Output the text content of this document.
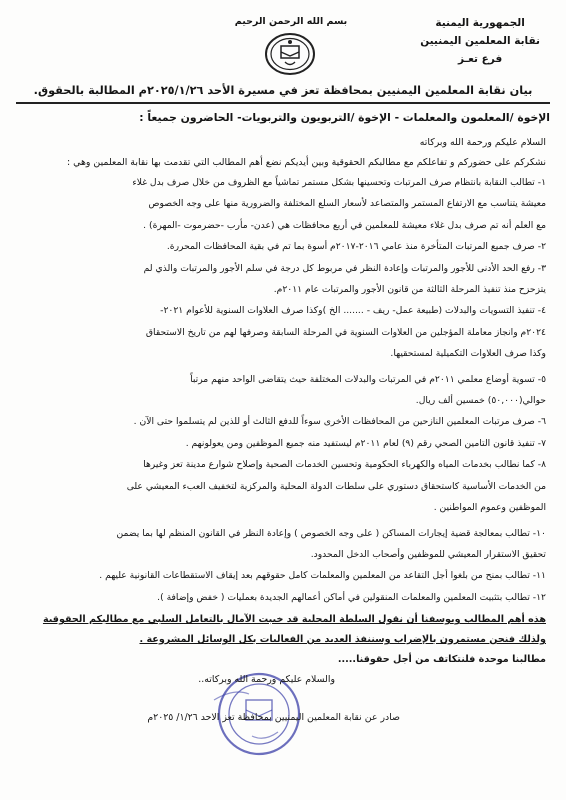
الجمهورية اليمنية
نقابة المعلمين اليمنيين
فرع تعـز
بسم الله الرحمن الرحيم
بيان نقابة المعلمين اليمنيين بمحافظة تعز في مسيرة الأحد ٢٠٢٥/١/٢٦م المطالبة بالحقوق.
الإخوة /المعلمون والمعلمات - الإخوة /التربويون والتربويات- الحاضرون جميعاً :
السلام عليكم ورحمة الله وبركاته
نشكركم على حضوركم و تفاعلكم مع مطالبكم الحقوقية وبين أيديكم نضع أهم المطالب التي تقدمت بها نقابة المعلمين وهي :

١- تطالب النقابة بانتظام صرف المرتبات وتحسينها بشكل مستمر تماشياً مع الظروف من خلال صرف بدل غلاء

معيشة يتناسب مع الارتفاع المستمر والمتصاعد لأسعار السلع المختلفة والضرورية منها على وجه الخصوص

مع العلم أنه تم صرف بدل غلاء معيشة للمعلمين في أربع محافظات هي (عدن- مأرب -حضرموت -المهرة) .

٢- صرف جميع المرتبات المتأخرة منذ عامي ٢٠١٦-٢٠١٧م أسوة بما تم في بقية المحافظات المحررة.

٣- رفع الحد الأدنى للأجور والمرتبات وإعادة النظر في مربوط كل درجة في سلم الأجور والمرتبات والذي لم

يتزحزح منذ تنفيذ المرحلة الثالثة من قانون الأجور والمرتبات عام ٢٠١١م.

٤- تنفيذ التسويات والبدلات (طبيعة عمل- ريف - ....... الخ )وكذا صرف العلاوات السنوية للأعوام ٢٠٢١-

٢٠٢٤م وانجاز معاملة المؤجلين من العلاوات السنوية في المرحلة السابقة وصرفها لهم من تاريخ الاستحقاق

وكذا صرف العلاوات التكميلية لمستحقيها.

٥- تسوية أوضاع معلمي ٢٠١١م في المرتبات والبدلات المختلفة حيث يتقاضى الواحد منهم مرتباً

حوالي(٥٠,٠٠٠) خمسين ألف ريال.

٦- صرف مرتبات المعلمين النازحين من المحافظات الأخرى سوءاً للدفع الثالث أو للذين لم يتسلموا حتى الآن .

٧- تنفيذ قانون التامين الصحي رقم (٩) لعام ٢٠١١م ليستفيد منه جميع الموظفين ومن يعولونهم .

٨- كما نطالب بخدمات المياه والكهرباء الحكومية وتحسين الخدمات الصحية وإصلاح شوارع مدينة تعز وغيرها

من الخدمات الأساسية كاستحقاق دستوري على سلطات الدولة المحلية والمركزية لتخفيف العبء المعيشي على

الموظفين وعموم المواطنين .

١٠- تطالب بمعالجة قضية إيجارات المساكن ( على وجه الخصوص ) وإعادة النظر في القانون المنظم لها بما يضمن

تحقيق الاستقرار المعيشي للموظفين وأصحاب الدخل المحدود.

١١- تطالب بمنح من بلغوا أجل التقاعد من المعلمين والمعلمات كامل حقوقهم بعد إيقاف الاستقطاعات القانونية عليهم .

١٢- تطالب بتثبيت المعلمين والمعلمات المنقولين في أماكن أعمالهم الجديدة بعمليات ( خفض وإضافة ).

هذه أهم المطالب ويوسفنا أن نقول السلطة المحلية قد خيبت الآمال بالتعامل السلبي مع مطالبكم الحقوقية
ولذلك فنحن مستمرون بالإضراب وسننفذ العديد من الفعاليات بكل الوسائل المشروعة .
مطالبنا موحدة فلنتكاتف من أجل حقوقنا.....
والسلام عليكم ورحمة الله وبركاته..
صادر عن نقابة المعلمين اليمنيين بمحافظة تعز الاحد ١/٢٦/ ٢٠٢٥م
